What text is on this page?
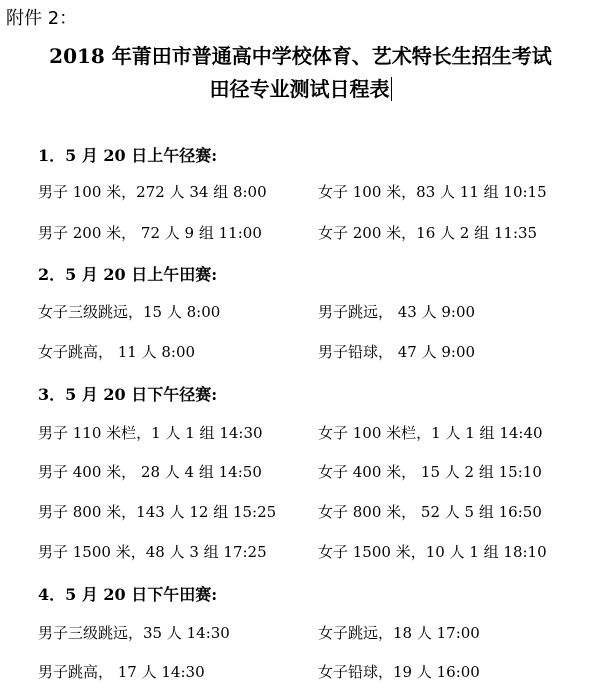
附件 2：
2018 年莆田市普通高中学校体育、艺术特长生招生考试
田径专业测试日程表
1．5 月 20 日上午径赛:
男子 100 米，272 人 34 组 8:00	女子 100 米，83 人 11 组 10:15
男子 200 米， 72 人 9 组 11:00	女子 200 米，16 人 2 组 11:35
2．5 月 20 日上午田赛:
女子三级跳远，15 人 8:00	男子跳远， 43 人 9:00
女子跳高， 11 人 8:00	男子铅球， 47 人 9:00
3．5 月 20 日下午径赛:
男子 110 米栏，1 人 1 组 14:30	女子 100 米栏，1 人 1 组 14:40
男子 400 米， 28 人 4 组 14:50	女子 400 米， 15 人 2 组 15:10
男子 800 米，143 人 12 组 15:25	女子 800 米， 52 人 5 组 16:50
男子 1500 米，48 人 3 组 17:25	女子 1500 米，10 人 1 组 18:10
4．5 月 20 日下午田赛:
男子三级跳远，35 人 14:30	女子跳远，18 人 17:00
男子跳高， 17 人 14:30	女子铅球，19 人 16:00
